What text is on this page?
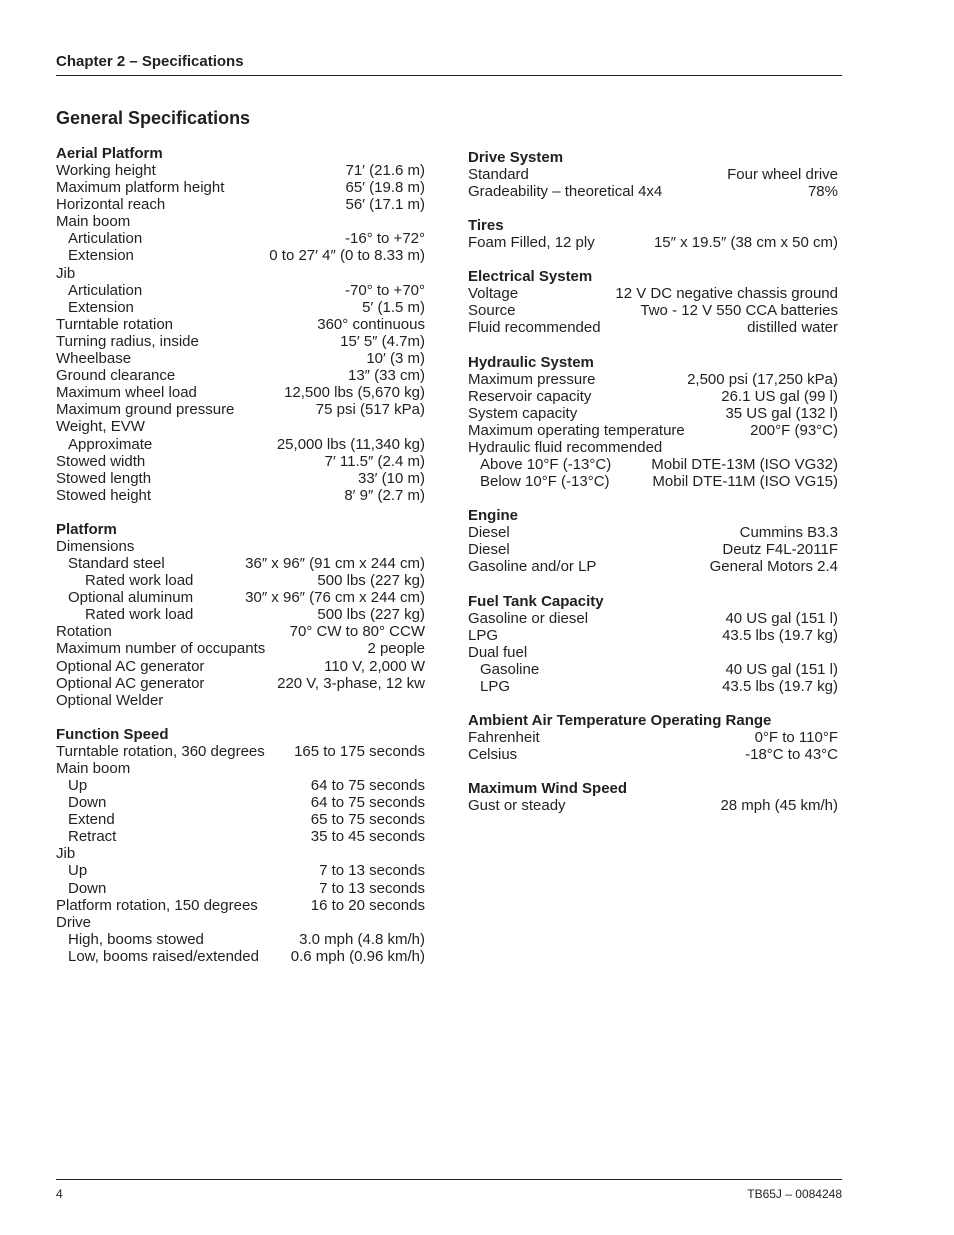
Chapter 2 – Specifications
General Specifications
Aerial Platform
Working height	71′ (21.6 m)
Maximum platform height	65′ (19.8 m)
Horizontal reach	56′ (17.1 m)
Main boom
Articulation	-16° to +72°
Extension	0 to 27′ 4″ (0 to 8.33 m)
Jib
Articulation	-70° to +70°
Extension	5′ (1.5 m)
Turntable rotation	360° continuous
Turning radius, inside	15′ 5″ (4.7m)
Wheelbase	10′ (3 m)
Ground clearance	13″ (33 cm)
Maximum wheel load	12,500 lbs (5,670 kg)
Maximum ground pressure	75 psi (517 kPa)
Weight, EVW
Approximate	25,000 lbs (11,340 kg)
Stowed width	7′ 11.5″ (2.4 m)
Stowed length	33′ (10 m)
Stowed height	8′ 9″ (2.7 m)
Platform
Dimensions
Standard steel	36″ x 96″ (91 cm x 244 cm)
Rated work load	500 lbs (227 kg)
Optional aluminum	30″ x 96″ (76 cm x 244 cm)
Rated work load	500 lbs (227 kg)
Rotation	70° CW to 80° CCW
Maximum number of occupants	2 people
Optional AC generator	110 V, 2,000 W
Optional AC generator	220 V, 3-phase, 12 kw
Optional Welder
Function Speed
Turntable rotation, 360 degrees 165 to 175 seconds
Main boom
Up	64 to 75 seconds
Down	64 to 75 seconds
Extend	65 to 75 seconds
Retract	35 to 45 seconds
Jib
Up	7 to 13 seconds
Down	7 to 13 seconds
Platform rotation, 150 degrees	16 to 20 seconds
Drive
High, booms stowed	3.0 mph (4.8 km/h)
Low, booms raised/extended 0.6 mph (0.96 km/h)
Drive System
Standard	Four wheel drive
Gradeability – theoretical 4x4	78%
Tires
Foam Filled, 12 ply	15″ x 19.5″ (38 cm x 50 cm)
Electrical System
Voltage	12 V DC negative chassis ground
Source	Two - 12 V 550 CCA batteries
Fluid recommended	distilled water
Hydraulic System
Maximum pressure	2,500 psi (17,250 kPa)
Reservoir capacity	26.1 US gal (99 l)
System capacity	35 US gal (132 l)
Maximum operating temperature	200°F (93°C)
Hydraulic fluid recommended
Above 10°F (-13°C)	Mobil DTE-13M (ISO VG32)
Below 10°F (-13°C)	Mobil DTE-11M (ISO VG15)
Engine
Diesel	Cummins B3.3
Diesel	Deutz F4L-2011F
Gasoline and/or LP	General Motors 2.4
Fuel Tank Capacity
Gasoline or diesel	40 US gal (151 l)
LPG	43.5 lbs (19.7 kg)
Dual fuel
Gasoline	40 US gal (151 l)
LPG	43.5 lbs (19.7 kg)
Ambient Air Temperature Operating Range
Fahrenheit	0°F to 110°F
Celsius	-18°C to 43°C
Maximum Wind Speed
Gust or steady	28 mph (45 km/h)
4	TB65J – 0084248
